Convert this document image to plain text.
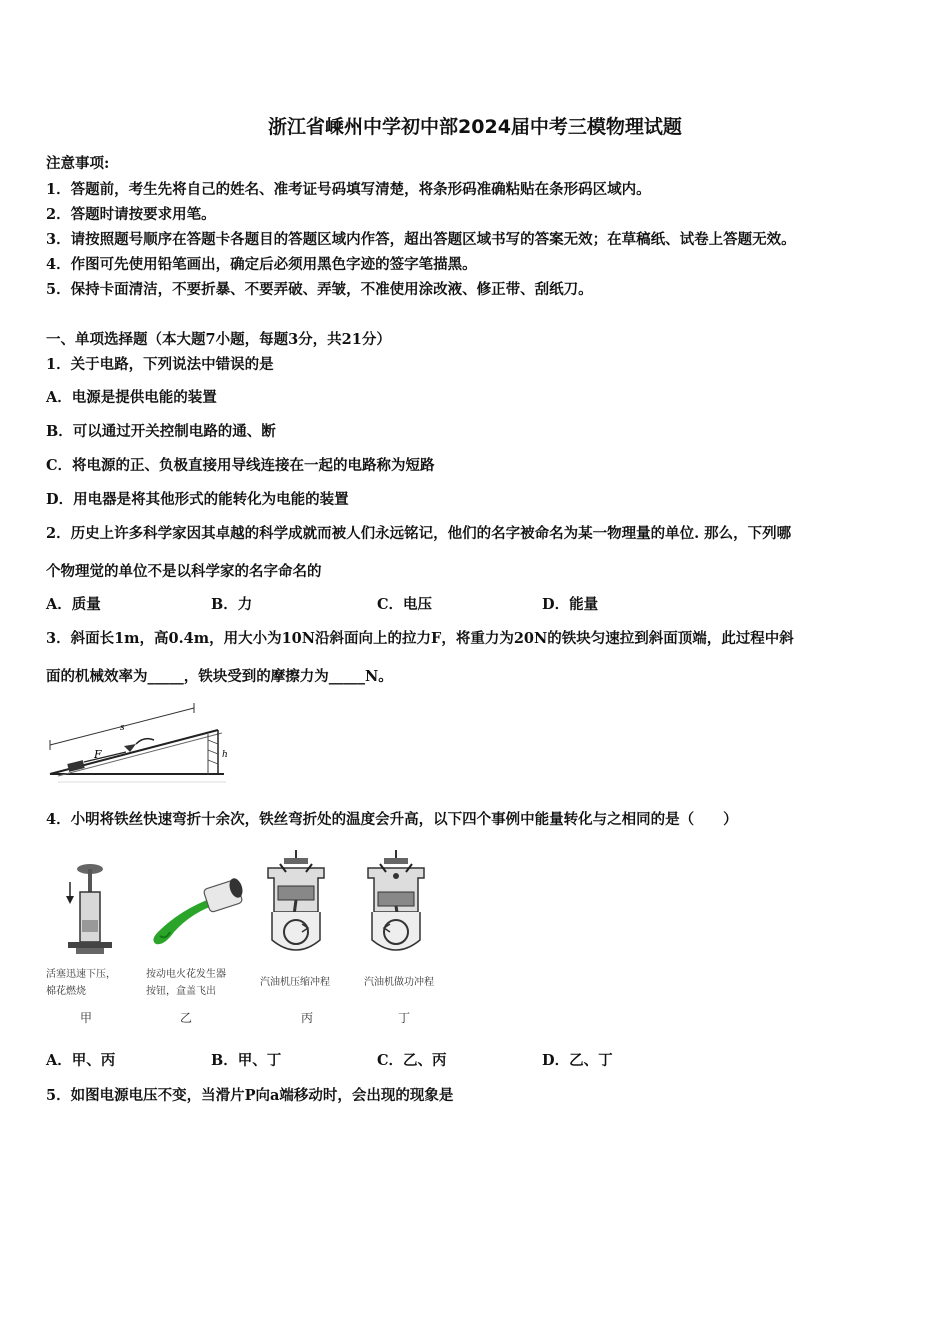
浙江省嵊州中学初中部2024届中考三模物理试题
注意事项:
1．答题前，考生先将自己的姓名、准考证号码填写清楚，将条形码准确粘贴在条形码区域内。
2．答题时请按要求用笔。
3．请按照题号顺序在答题卡各题目的答题区域内作答，超出答题区域书写的答案无效；在草稿纸、试卷上答题无效。
4．作图可先使用铅笔画出，确定后必须用黑色字迹的签字笔描黑。
5．保持卡面清洁，不要折暴、不要弄破、弄皱，不准使用涂改液、修正带、刮纸刀。
一、单项选择题（本大题7小题，每题3分，共21分）
1．关于电路，下列说法中错误的是
A．电源是提供电能的装置
B．可以通过开关控制电路的通、断
C．将电源的正、负极直接用导线连接在一起的电路称为短路
D．用电器是将其他形式的能转化为电能的装置
2．历史上许多科学家因其卓越的科学成就而被人们永远铭记，他们的名字被命名为某一物理量的单位. 那么，下列哪
个物理觉的单位不是以科学家的名字命名的
A．质量	B．力	C．电压	D．能量
3．斜面长1m，高0.4m，用大小为10N沿斜面向上的拉力F，将重力为20N的铁块匀速拉到斜面顶端，此过程中斜
面的机械效率为_____，铁块受到的摩擦力为_____N。
F
s
h
4．小明将铁丝快速弯折十余次，铁丝弯折处的温度会升高，以下四个事例中能量转化与之相同的是（　　）
活塞迅速下压，
棉花燃烧
按动电火花发生器
按钮，盒盖飞出
汽油机压缩冲程	汽油机做功冲程
甲	乙	丙	丁
A．甲、丙	B．甲、丁	C．乙、丙	D．乙、丁
5．如图电源电压不变，当滑片P向a端移动时，会出现的现象是
